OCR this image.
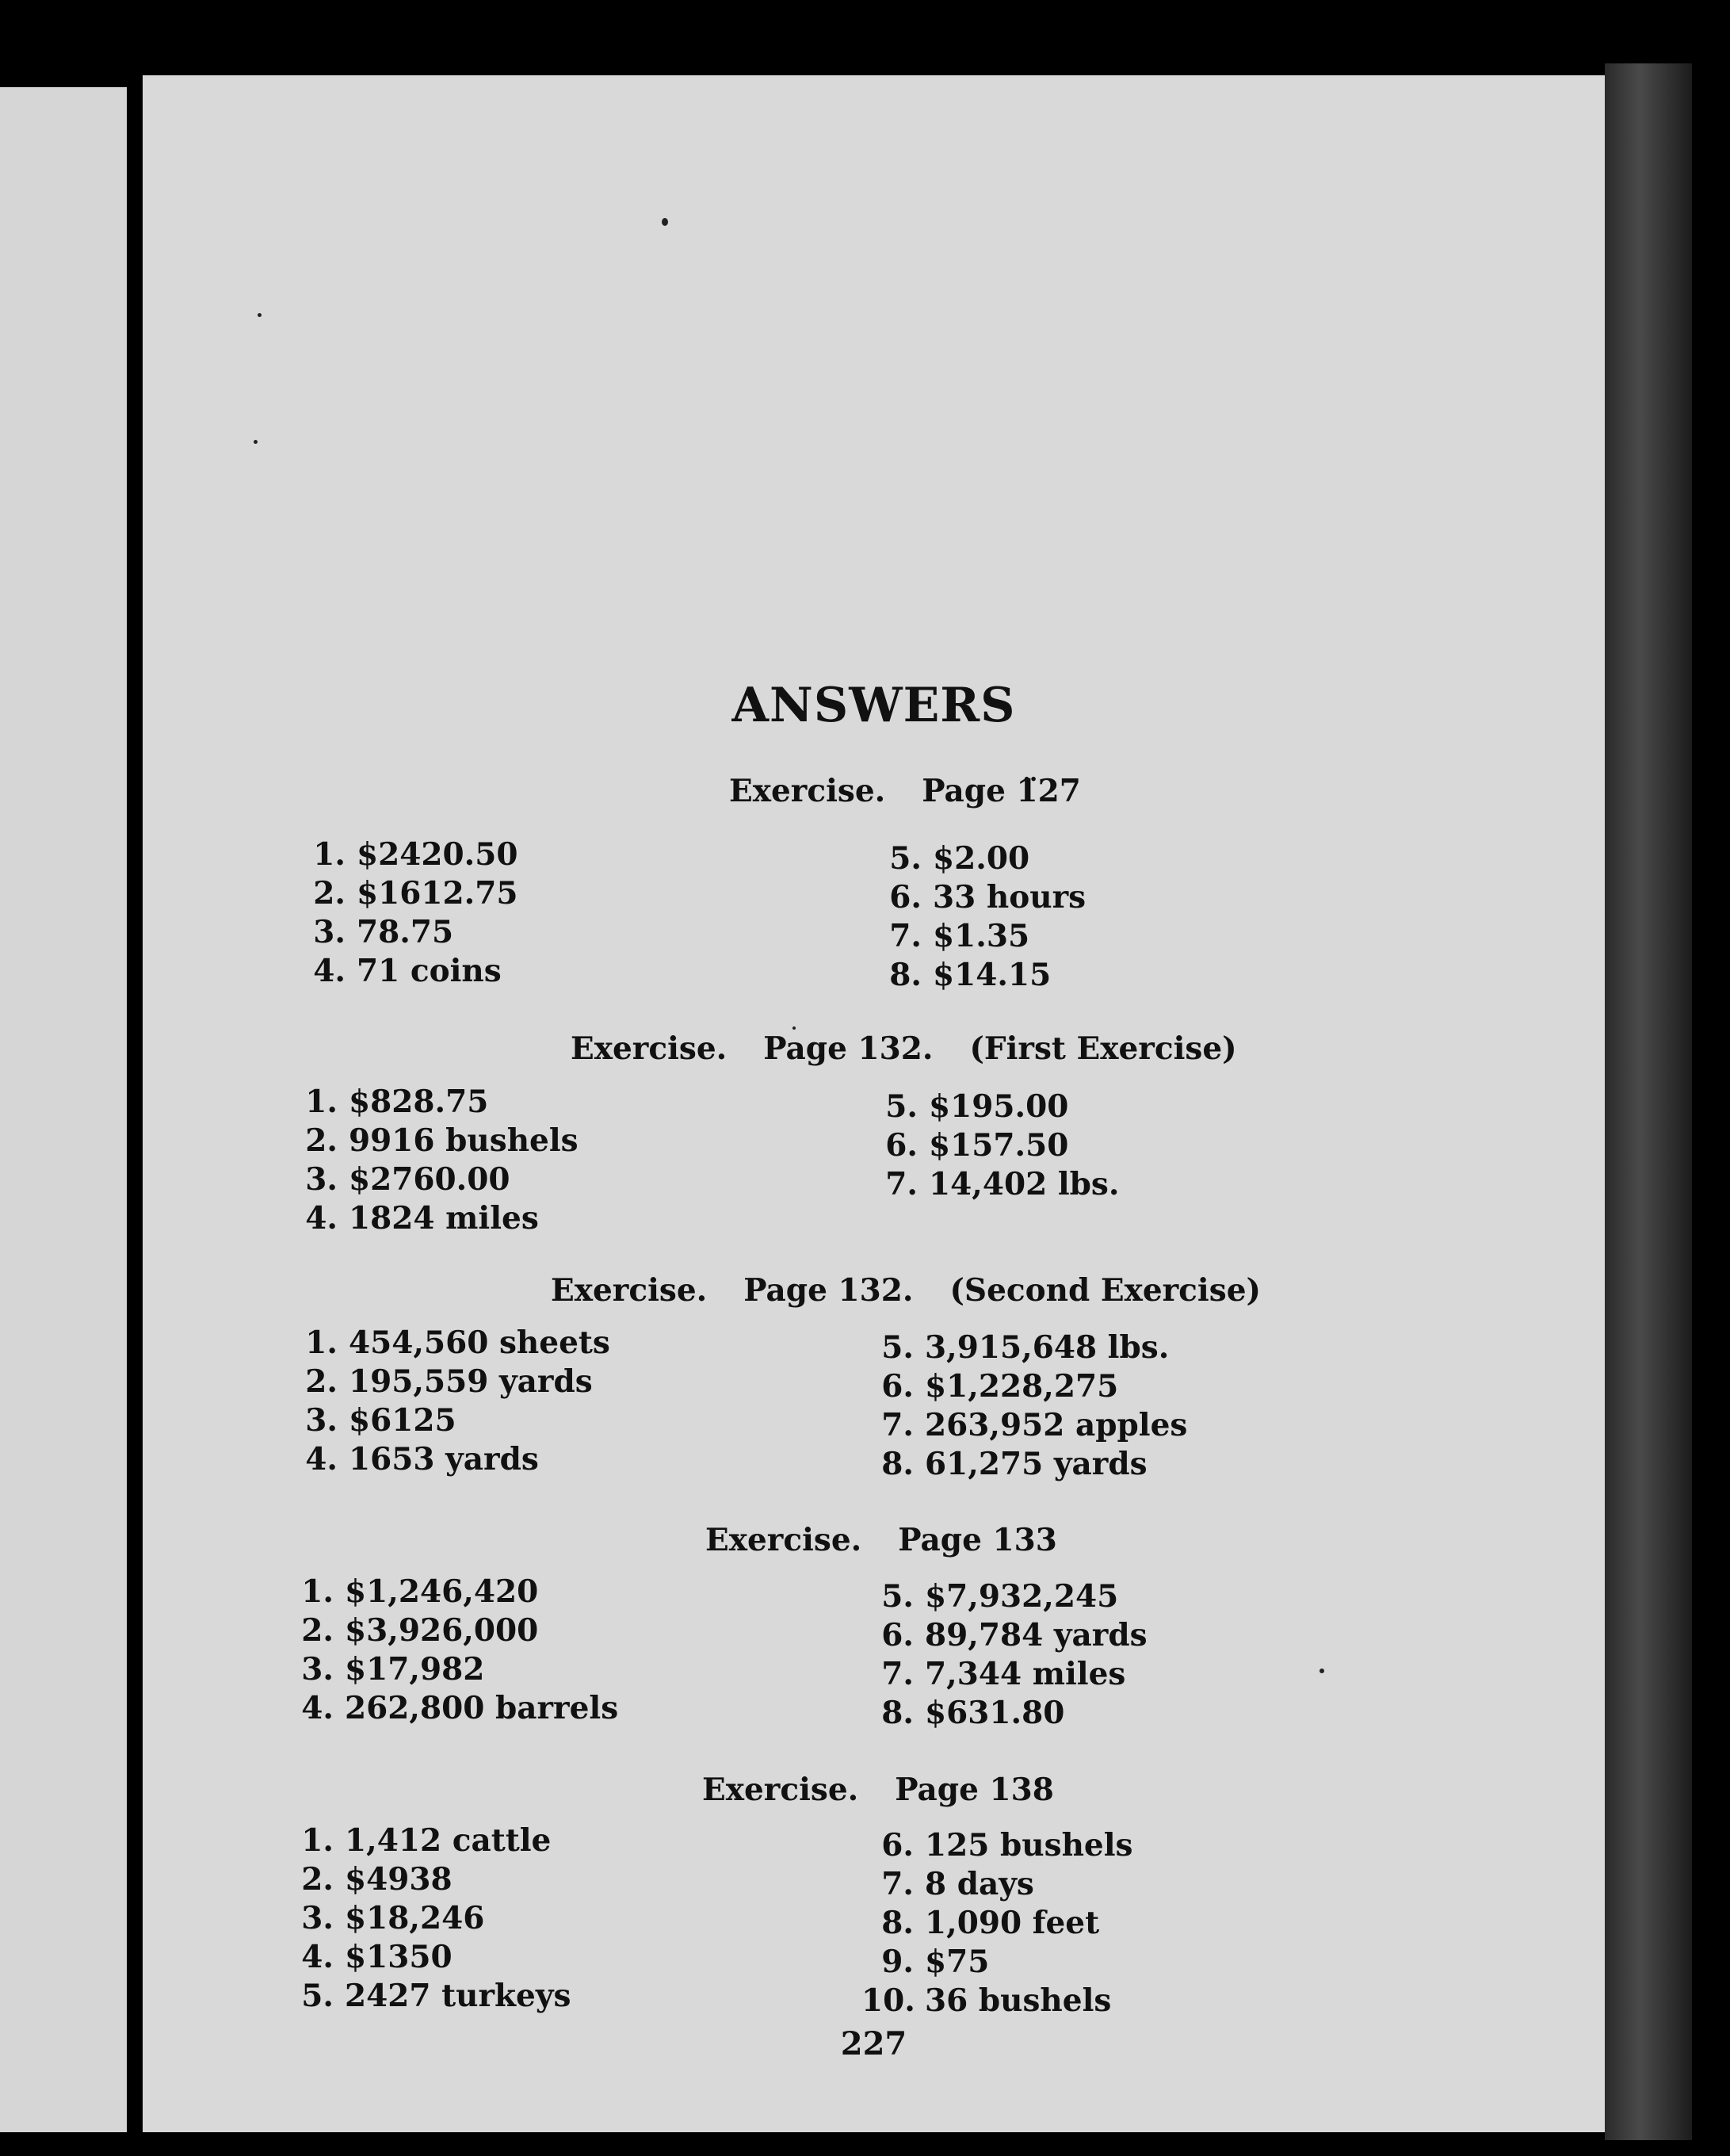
ANSWERS
Exercise. Page 1̈27
1. $2420.50
2. $1612.75
3. 78.75
4. 71 coins
5. $2.00
6. 33 hours
7. $1.35
8. $14.15
Exercise. Page 132. (First Exercise)
1. $828.75
2. 9916 bushels
3. $2760.00
4. 1824 miles
5. $195.00
6. $157.50
7. 14,402 lbs.
Exercise. Page 132. (Second Exercise)
1. 454,560 sheets
2. 195,559 yards
3. $6125
4. 1653 yards
5. 3,915,648 lbs.
6. $1,228,275
7. 263,952 apples
8. 61,275 yards
Exercise. Page 133
1. $1,246,420
2. $3,926,000
3. $17,982
4. 262,800 barrels
5. $7,932,245
6. 89,784 yards
7. 7,344 miles
8. $631.80
Exercise. Page 138
1. 1,412 cattle
2. $4938
3. $18,246
4. $1350
5. 2427 turkeys
6. 125 bushels
7. 8 days
8. 1,090 feet
9. $75
10. 36 bushels
227
